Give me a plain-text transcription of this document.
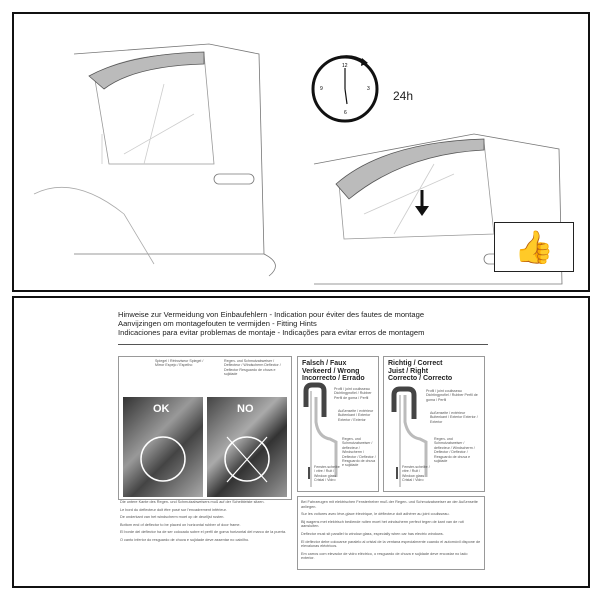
12
3
6
9	24h
👍
Hinweise zur Vermeidung von Einbaufehlern - Indication pour éviter des fautes de montage
Aanvijzingen om montagefouten te vermijden - Fitting Hints
Indicaciones para evitar problemas de montaje - Indicações para evitar erros de montagem
Spiegel / Rétroviseur Spiegel / Mirror Espejo / Espelho
Regen- und Schmutzabweiser / Deflecteur / Windscherm Deflector / Deflector Resguardo de chuva e sujidade
OK	NO
Falsch / Faux
Verkeerd / Wrong
Incorrecto / Errado
Profil / joint coulisseau Dichtingprofiel / Rubber Perfil de goma / Perfil
Außenseite / extérieur Buitenkant / Exterior Exterior / Exterior
Regen- und Schmutzabweiser / deflecteur / Windscherm / Deflector / Deflector / Resguardo de chuva e sujidade
Fenster-scheibe / vitre / Ruit / Window glass Cristal / Vidro
Richtig / Correct
Juist / Right
Correcto / Correcto
Profil / joint coulisseau Dichtingprofiel / Rubber Perfil de goma / Perfil
Außenseite / extérieur Buitenkant / Exterior Exterior / Exterior
Regen- und Schmutzabweiser / deflecteur / Windscherm / Deflector / Deflector / Resguardo de chuva e sujidade
Fenster-scheibe / vitre / Ruit / Window glass Cristal / Vidro
Die untere Kante des Regen- und Schmutzabweisers muß auf der Scheibleiste sitzen.
Le bord du deflecteur doit être posé sur l'encadrement inférieur.
De onderkant van het windscherm moet op de deurlijst rusten.
Bottom end of deflector to be placed on horizontal rubber of door frame.
El borde del deflector ha de ser colocado sobre el perfil de goma horizontal del marco de la puerta.
O canto inferior do resguardo de chuva e sujidade deve assentar no caixilho.
Bei Fahrzeugen mit elektrischen Fensterheber muß der Regen- und Schmutzabweiser an der Außenseite anliegen.
Sur les voitures avec lève-glace électrique, le déflecteur doit adhérer au joint coulisseau.
Bij wagens met elektrisch bediende ruiten moet het windscherm perfect tegen de kant van de ruit aansluiten.
Deflector must sit parallel to window glass, especially when car has electric windows.
El deflector debe colocarse paralelo al cristal de la ventana especialmente cuando el automóvil dispone de elevalunas eléctricos.
Em carros com elevador de vidro eléctrico, o resguardo de chuva e sujidade deve encostar no lado exterior.
